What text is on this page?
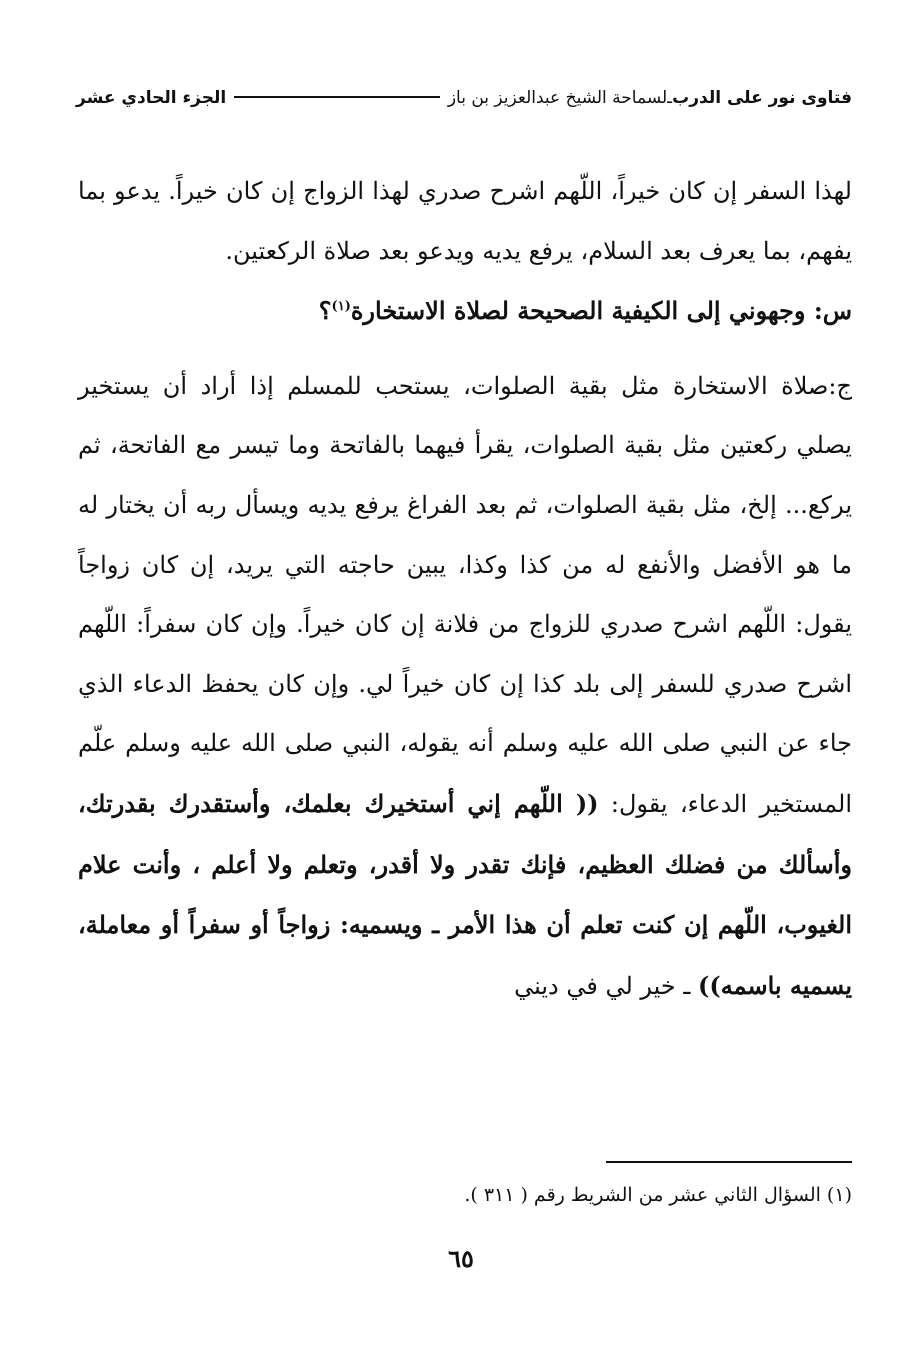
فتاوى نور على الدرب
ـ
لسماحة الشيخ عبدالعزيز بن باز
الجزء الحادي عشر

لهذا السفر إن كان خيراً، اللّهم اشرح صدري لهذا الزواج إن كان خيراً. يدعو بما يفهم، بما يعرف بعد السلام، يرفع يديه ويدعو بعد صلاة الركعتين.

س: وجهوني إلى الكيفية الصحيحة لصلاة الاستخارة$^{(١)}$؟

ج:صلاة الاستخارة مثل بقية الصلوات، يستحب للمسلم إذا أراد أن يستخير يصلي ركعتين مثل بقية الصلوات، يقرأ فيهما بالفاتحة وما تيسر مع الفاتحة، ثم يركع... إلخ، مثل بقية الصلوات، ثم بعد الفراغ يرفع يديه ويسأل ربه أن يختار له ما هو الأفضل والأنفع له من كذا وكذا، يبين حاجته التي يريد، إن كان زواجاً يقول: اللّهم اشرح صدري للزواج من فلانة إن كان خيراً. وإن كان سفراً: اللّهم اشرح صدري للسفر إلى بلد كذا إن كان خيراً لي. وإن كان يحفظ الدعاء الذي جاء عن النبي صلى الله عليه وسلم أنه يقوله، النبي صلى الله عليه وسلم علّم المستخير الدعاء، يقول: (( اللّهم إني أستخيرك بعلمك، وأستقدرك بقدرتك، وأسألك من فضلك العظيم، فإنك تقدر ولا أقدر، وتعلم ولا أعلم ، وأنت علام الغيوب، اللّهم إن كنت تعلم أن هذا الأمر ـ ويسميه: زواجاً أو سفراً أو معاملة، يسميه باسمه)) ـ خير لي في ديني

(١) السؤال الثاني عشر من الشريط رقم ( ٣١١ ).
٦٥
